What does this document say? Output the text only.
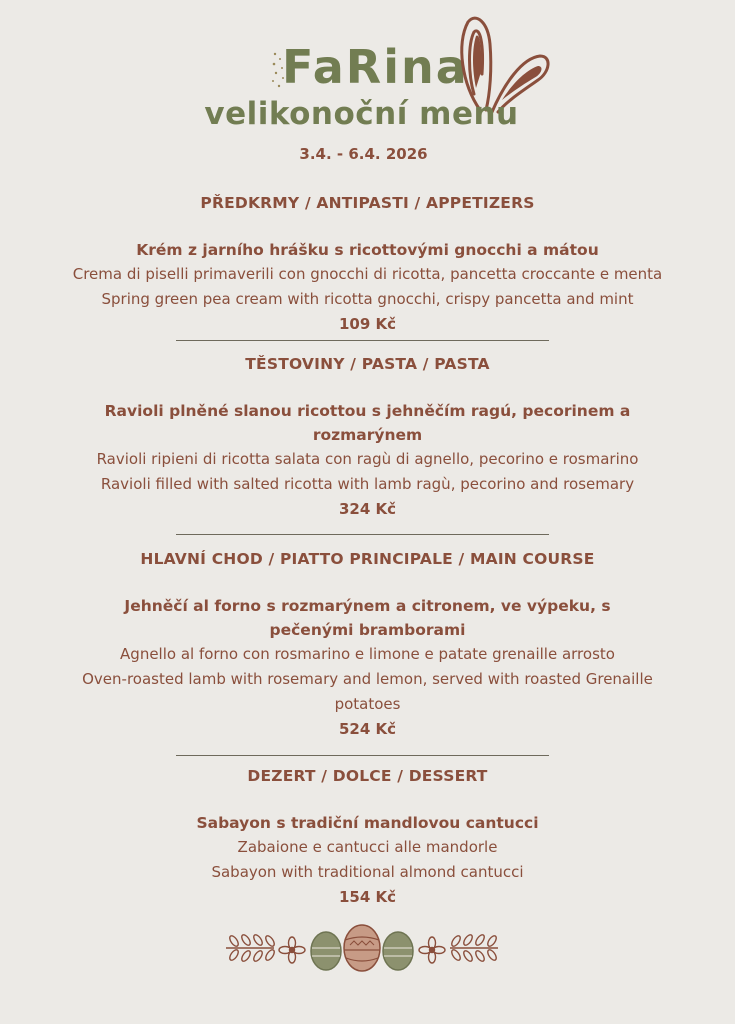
FaRina
velikonoční menu
3.4. - 6.4. 2026

PŘEDKRMY / ANTIPASTI / APPETIZERS

Krém z jarního hrášku s ricottovými gnocchi a mátou

Crema di piselli primaverili con gnocchi di ricotta, pancetta croccante e menta

Spring green pea cream with ricotta gnocchi, crispy pancetta and mint

109 Kč

TĚSTOVINY / PASTA / PASTA

Ravioli plněné slanou ricottou s jehněčím ragú, pecorinem a rozmarýnem

Ravioli ripieni di ricotta salata con ragù di agnello, pecorino e rosmarino

Ravioli filled with salted ricotta with lamb ragù, pecorino and rosemary

324 Kč

HLAVNÍ CHOD / PIATTO PRINCIPALE / MAIN COURSE

Jehněčí al forno s rozmarýnem a citronem, ve výpeku, s pečenými bramborami

Agnello al forno con rosmarino e limone e patate grenaille arrosto

Oven-roasted lamb with rosemary and lemon, served with roasted Grenaille potatoes

524 Kč

DEZERT / DOLCE / DESSERT

Sabayon s tradiční mandlovou cantucci

Zabaione e cantucci alle mandorle

Sabayon with traditional almond cantucci

154 Kč
